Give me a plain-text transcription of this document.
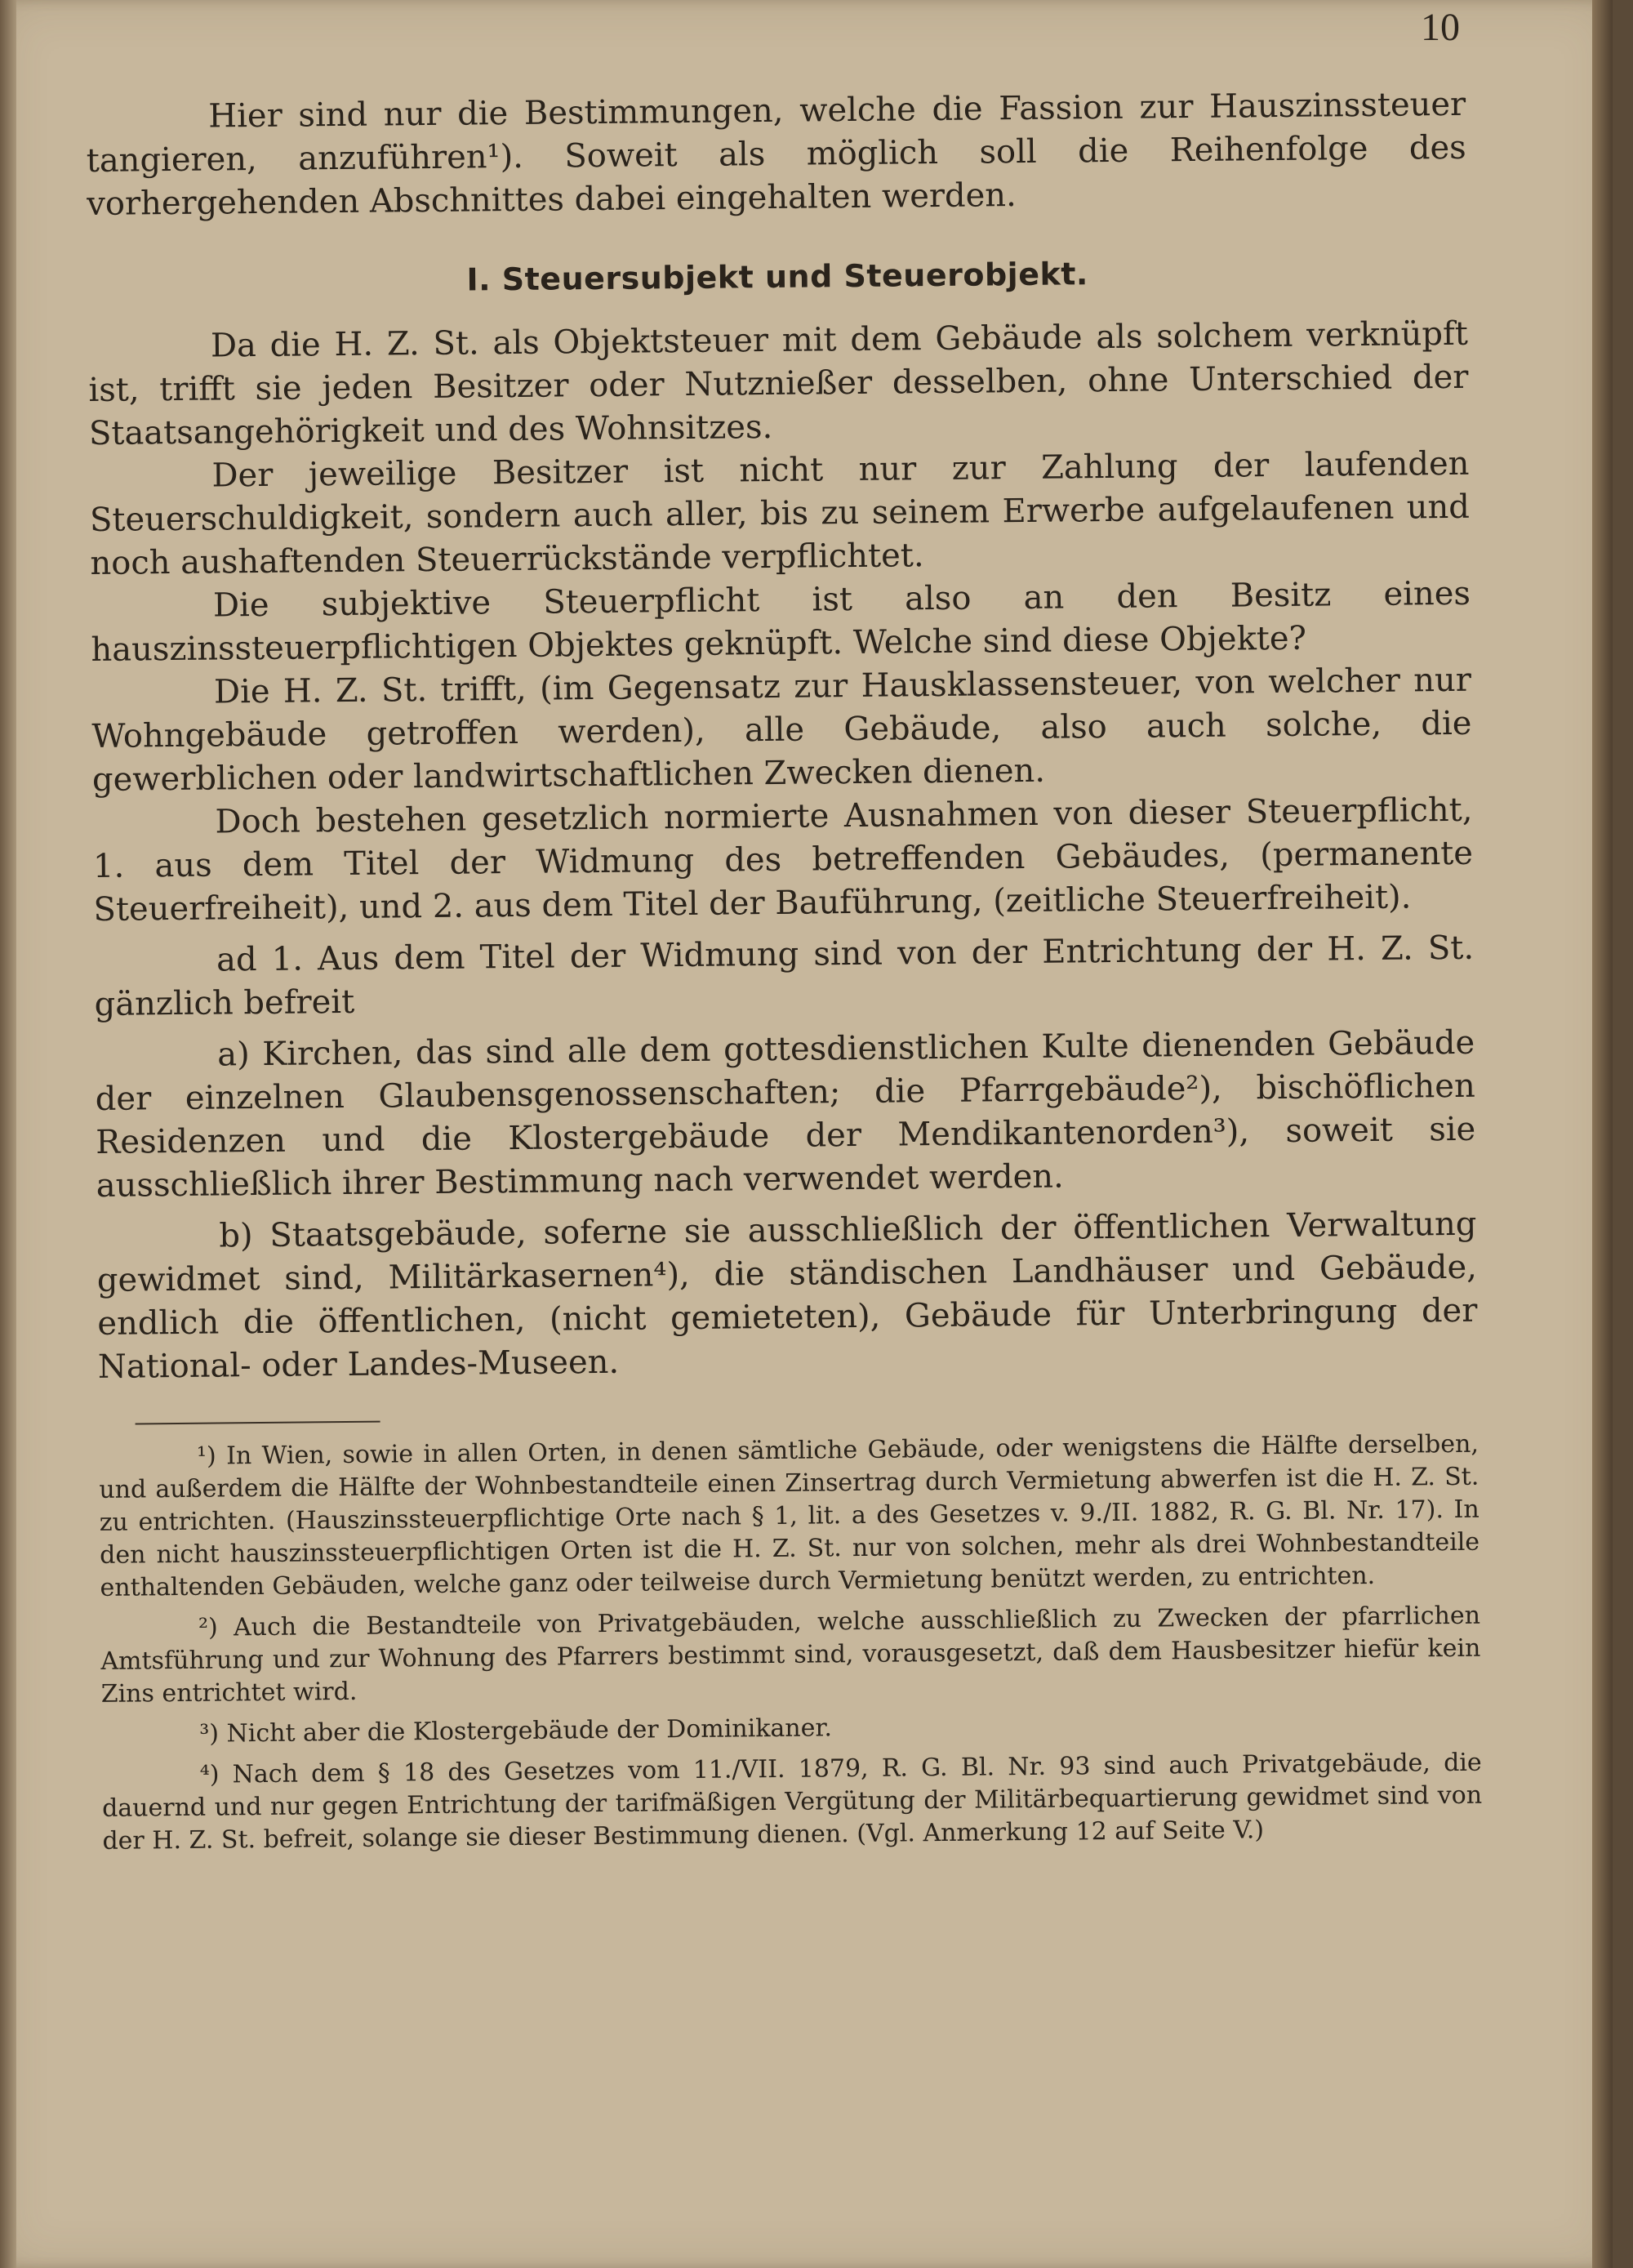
10

Hier sind nur die Bestimmungen, welche die Fassion zur Hauszinssteuer tangieren, anzuführen¹). Soweit als möglich soll die Reihenfolge des vorhergehenden Abschnittes dabei eingehalten werden.

I. Steuersubjekt und Steuerobjekt.

Da die H. Z. St. als Objektsteuer mit dem Gebäude als solchem verknüpft ist, trifft sie jeden Besitzer oder Nutznießer desselben, ohne Unterschied der Staatsangehörigkeit und des Wohnsitzes.

Der jeweilige Besitzer ist nicht nur zur Zahlung der laufenden Steuerschuldigkeit, sondern auch aller, bis zu seinem Erwerbe aufgelaufenen und noch aushaftenden Steuerrückstände verpflichtet.

Die subjektive Steuerpflicht ist also an den Besitz eines hauszinssteuerpflichtigen Objektes geknüpft. Welche sind diese Objekte?

Die H. Z. St. trifft, (im Gegensatz zur Hausklassensteuer, von welcher nur Wohngebäude getroffen werden), alle Gebäude, also auch solche, die gewerblichen oder landwirtschaftlichen Zwecken dienen.

Doch bestehen gesetzlich normierte Ausnahmen von dieser Steuerpflicht, 1. aus dem Titel der Widmung des betreffenden Gebäudes, (permanente Steuerfreiheit), und 2. aus dem Titel der Bauführung, (zeitliche Steuerfreiheit).

ad 1. Aus dem Titel der Widmung sind von der Entrichtung der H. Z. St. gänzlich befreit

a) Kirchen, das sind alle dem gottesdienstlichen Kulte dienenden Gebäude der einzelnen Glaubensgenossenschaften; die Pfarrgebäude²), bischöflichen Residenzen und die Klostergebäude der Mendikantenorden³), soweit sie ausschließlich ihrer Bestimmung nach verwendet werden.

b) Staatsgebäude, soferne sie ausschließlich der öffentlichen Verwaltung gewidmet sind, Militärkasernen⁴), die ständischen Landhäuser und Gebäude, endlich die öffentlichen, (nicht gemieteten), Gebäude für Unterbringung der National- oder Landes-Museen.

¹) In Wien, sowie in allen Orten, in denen sämtliche Gebäude, oder wenigstens die Hälfte derselben, und außerdem die Hälfte der Wohnbestandteile einen Zinsertrag durch Vermietung abwerfen ist die H. Z. St. zu entrichten. (Hauszinssteuerpflichtige Orte nach § 1, lit. a des Gesetzes v. 9./II. 1882, R. G. Bl. Nr. 17). In den nicht hauszinssteuerpflichtigen Orten ist die H. Z. St. nur von solchen, mehr als drei Wohnbestandteile enthaltenden Gebäuden, welche ganz oder teilweise durch Vermietung benützt werden, zu entrichten.

²) Auch die Bestandteile von Privatgebäuden, welche ausschließlich zu Zwecken der pfarrlichen Amtsführung und zur Wohnung des Pfarrers bestimmt sind, vorausgesetzt, daß dem Hausbesitzer hiefür kein Zins entrichtet wird.

³) Nicht aber die Klostergebäude der Dominikaner.

⁴) Nach dem § 18 des Gesetzes vom 11./VII. 1879, R. G. Bl. Nr. 93 sind auch Privatgebäude, die dauernd und nur gegen Entrichtung der tarifmäßigen Vergütung der Militärbequartierung gewidmet sind von der H. Z. St. befreit, solange sie dieser Bestimmung dienen. (Vgl. Anmerkung 12 auf Seite V.)
